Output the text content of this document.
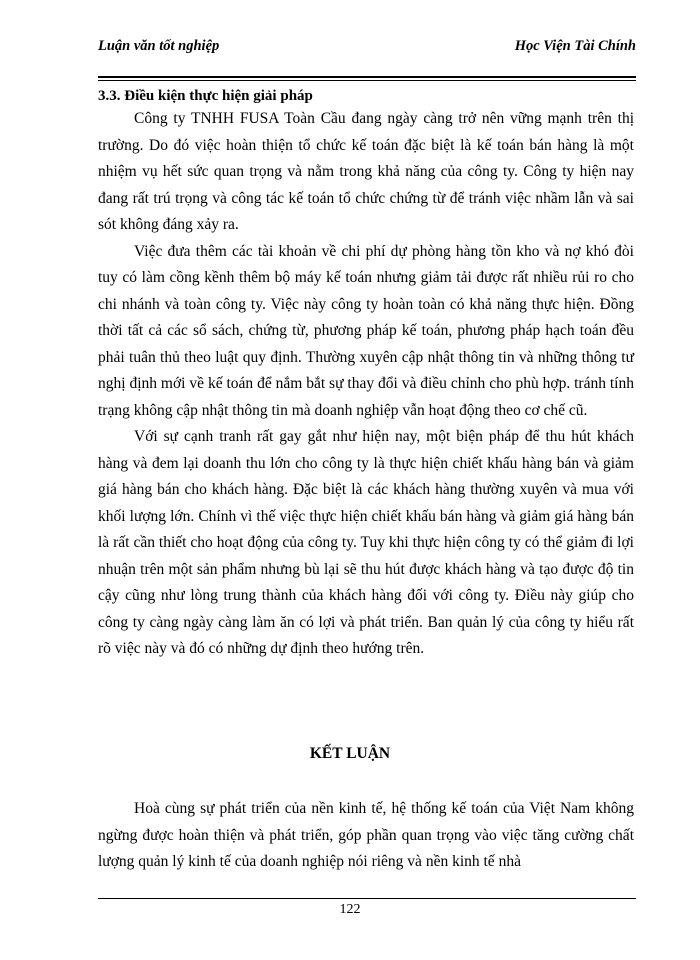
Luận văn tốt nghiệp	Học Viện Tài Chính
3.3. Điều kiện thực hiện giải pháp

Công ty TNHH FUSA Toàn Cầu đang ngày càng trở nên vững mạnh trên thị trường. Do đó việc hoàn thiện tổ chức kế toán đặc biệt là kế toán bán hàng là một nhiệm vụ hết sức quan trọng và nằm trong khả năng của công ty. Công ty hiện nay đang rất trú trọng và công tác kế toán tổ chức chứng từ để tránh việc nhầm lẫn và sai sót không đáng xảy ra.

Việc đưa thêm các tài khoản về chi phí dự phòng hàng tồn kho và nợ khó đòi tuy có làm cồng kềnh thêm bộ máy kế toán nhưng giảm tải được rất nhiều rủi ro cho chi nhánh và toàn công ty. Việc này công ty hoàn toàn có khả năng thực hiện. Đồng thời tất cả các sổ sách, chứng từ, phương pháp kế toán, phương pháp hạch toán đều phải tuân thủ theo luật quy định. Thường xuyên cập nhật thông tin và những thông tư nghị định mới về kế toán để nắm bắt sự thay đổi và điều chỉnh cho phù hợp. tránh tính trạng không cập nhật thông tin mà doanh nghiệp vẫn hoạt động theo cơ chế cũ.

Với sự cạnh tranh rất gay gắt như hiện nay, một biện pháp để thu hút khách hàng và đem lại doanh thu lớn cho công ty là thực hiện chiết khấu hàng bán và giảm giá hàng bán cho khách hàng. Đặc biệt là các khách hàng thường xuyên và mua với khối lượng lớn. Chính vì thế việc thực hiện chiết khấu bán hàng và giảm giá hàng bán là rất cần thiết cho hoạt động của công ty. Tuy khi thực hiện công ty có thể giảm đi lợi nhuận trên một sản phẩm nhưng bù lại sẽ thu hút được khách hàng và tạo được độ tin cậy cũng như lòng trung thành của khách hàng đối với công ty. Điều này giúp cho công ty càng ngày càng làm ăn có lợi và phát triển. Ban quản lý của công ty hiểu rất rõ việc này và đó có những dự định theo hướng trên.

KẾT LUẬN

Hoà cùng sự phát triển của nền kinh tế, hệ thống kế toán của Việt Nam không ngừng được hoàn thiện và phát triển, góp phần quan trọng vào việc tăng cường chất lượng quản lý kinh tế của doanh nghiệp nói riêng và nền kinh tế nhà

122
